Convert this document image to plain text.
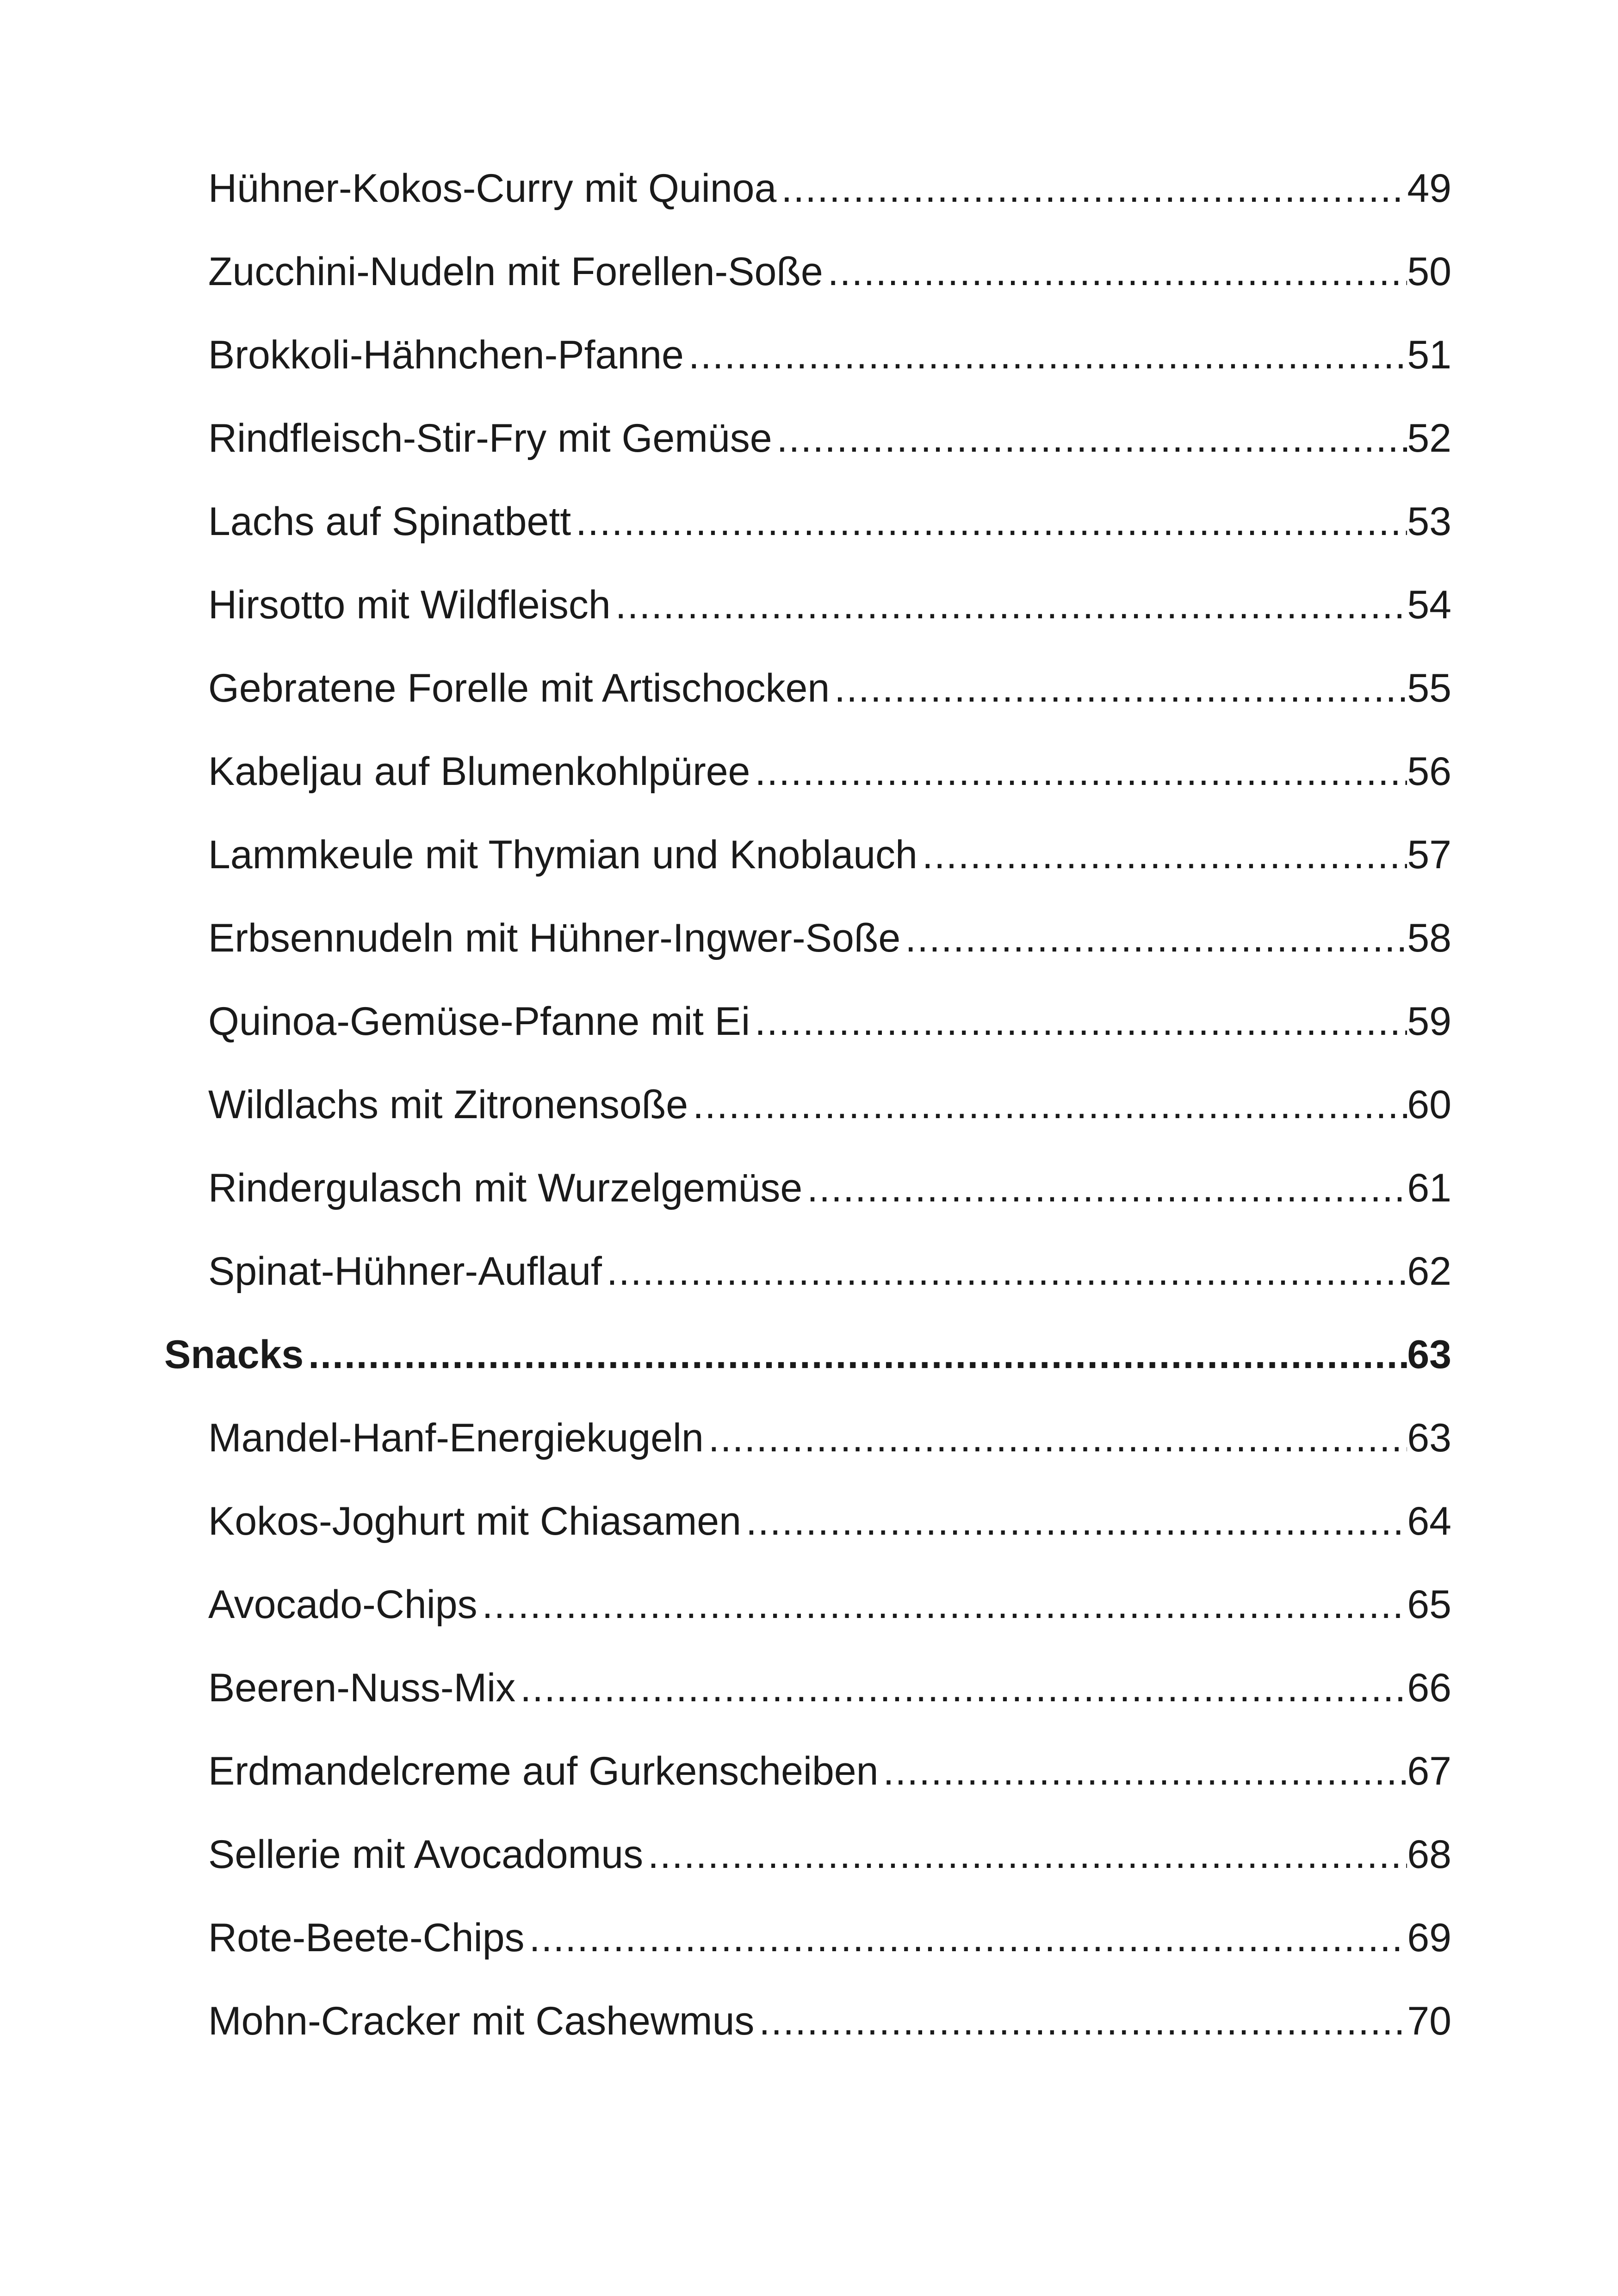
Hühner-Kokos-Curry mit Quinoa .....	49
Zucchini-Nudeln mit Forellen-Soße .....	50
Brokkoli-Hähnchen-Pfanne .....	51
Rindfleisch-Stir-Fry mit Gemüse .....	52
Lachs auf Spinatbett .....	53
Hirsotto mit Wildfleisch .....	54
Gebratene Forelle mit Artischocken .....	55
Kabeljau auf Blumenkohlpüree .....	56
Lammkeule mit Thymian und Knoblauch .....	57
Erbsennudeln mit Hühner-Ingwer-Soße .....	58
Quinoa-Gemüse-Pfanne mit Ei .....	59
Wildlachs mit Zitronensoße .....	60
Rindergulasch mit Wurzelgemüse .....	61
Spinat-Hühner-Auflauf .....	62
Snacks .....	63
Mandel-Hanf-Energiekugeln .....	63
Kokos-Joghurt mit Chiasamen .....	64
Avocado-Chips .....	65
Beeren-Nuss-Mix .....	66
Erdmandelcreme auf Gurkenscheiben .....	67
Sellerie mit Avocadomus .....	68
Rote-Beete-Chips .....	69
Mohn-Cracker mit Cashewmus .....	70
